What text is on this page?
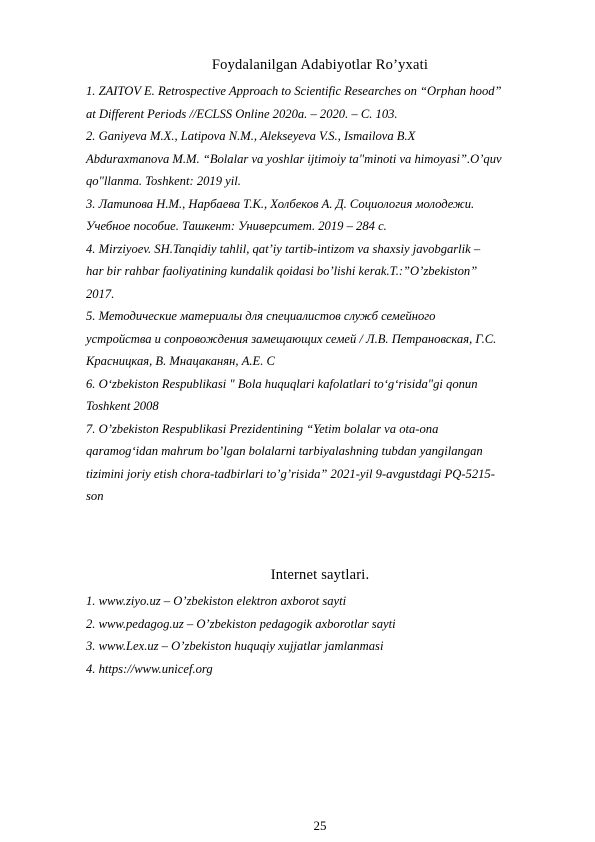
Foydalanilgan Adabiyotlar Ro’yxati
1. ZAITOV E. Retrospective Approach to Scientific Researches on “Orphan hood”
at Different Periods //ECLSS Online 2020a. – 2020. – С. 103.
2. Ganiyeva M.X., Latipova N.M., Alekseyeva V.S., Ismailova B.X
Abduraxmanova M.M. “Bolalar va yoshlar ijtimoiy ta"minoti va himoyasi”.O’quv
qo"llanma. Toshkent: 2019 yil.
3. Латипова Н.М., Нарбаева Т.К., Холбеков А. Д. Социология молодежи.
Учебное пособие. Ташкент: Университет. 2019 – 284 с.
4. Mirziyoev. SH.Tanqidiy tahlil, qat’iy tartib-intizom va shaxsiy javobgarlik –
har bir rahbar faoliyatining kundalik qoidasi bo’lishi kerak.T.:”O’zbekiston”
2017.
5. Методические материалы для специалистов служб семейного
устройства и сопровождения замещающих семей / Л.В. Петрановская, Г.С.
Красницкая, В. Мнацаканян, А.Е. С
6. O‘zbekiston Respublikasi " Bola huquqlari kafolatlari to‘g‘risida"gi qonun
Toshkent 2008
7. O’zbekiston Respublikasi Prezidentining “Yetim bolalar va ota-ona
qaramog‘idan mahrum bo’lgan bolalarni tarbiyalashning tubdan yangilangan
tizimini joriy etish chora-tadbirlari to’g’risida” 2021-yil 9-avgustdagi PQ-5215-
son
Internet saytlari.
1. www.ziyo.uz – O’zbekiston elektron axborot sayti
2. www.pedagog.uz – O’zbekiston pedagogik axborotlar sayti
3. www.Lex.uz – O’zbekiston huquqiy xujjatlar jamlanmasi
4. https://www.unicef.org

25
